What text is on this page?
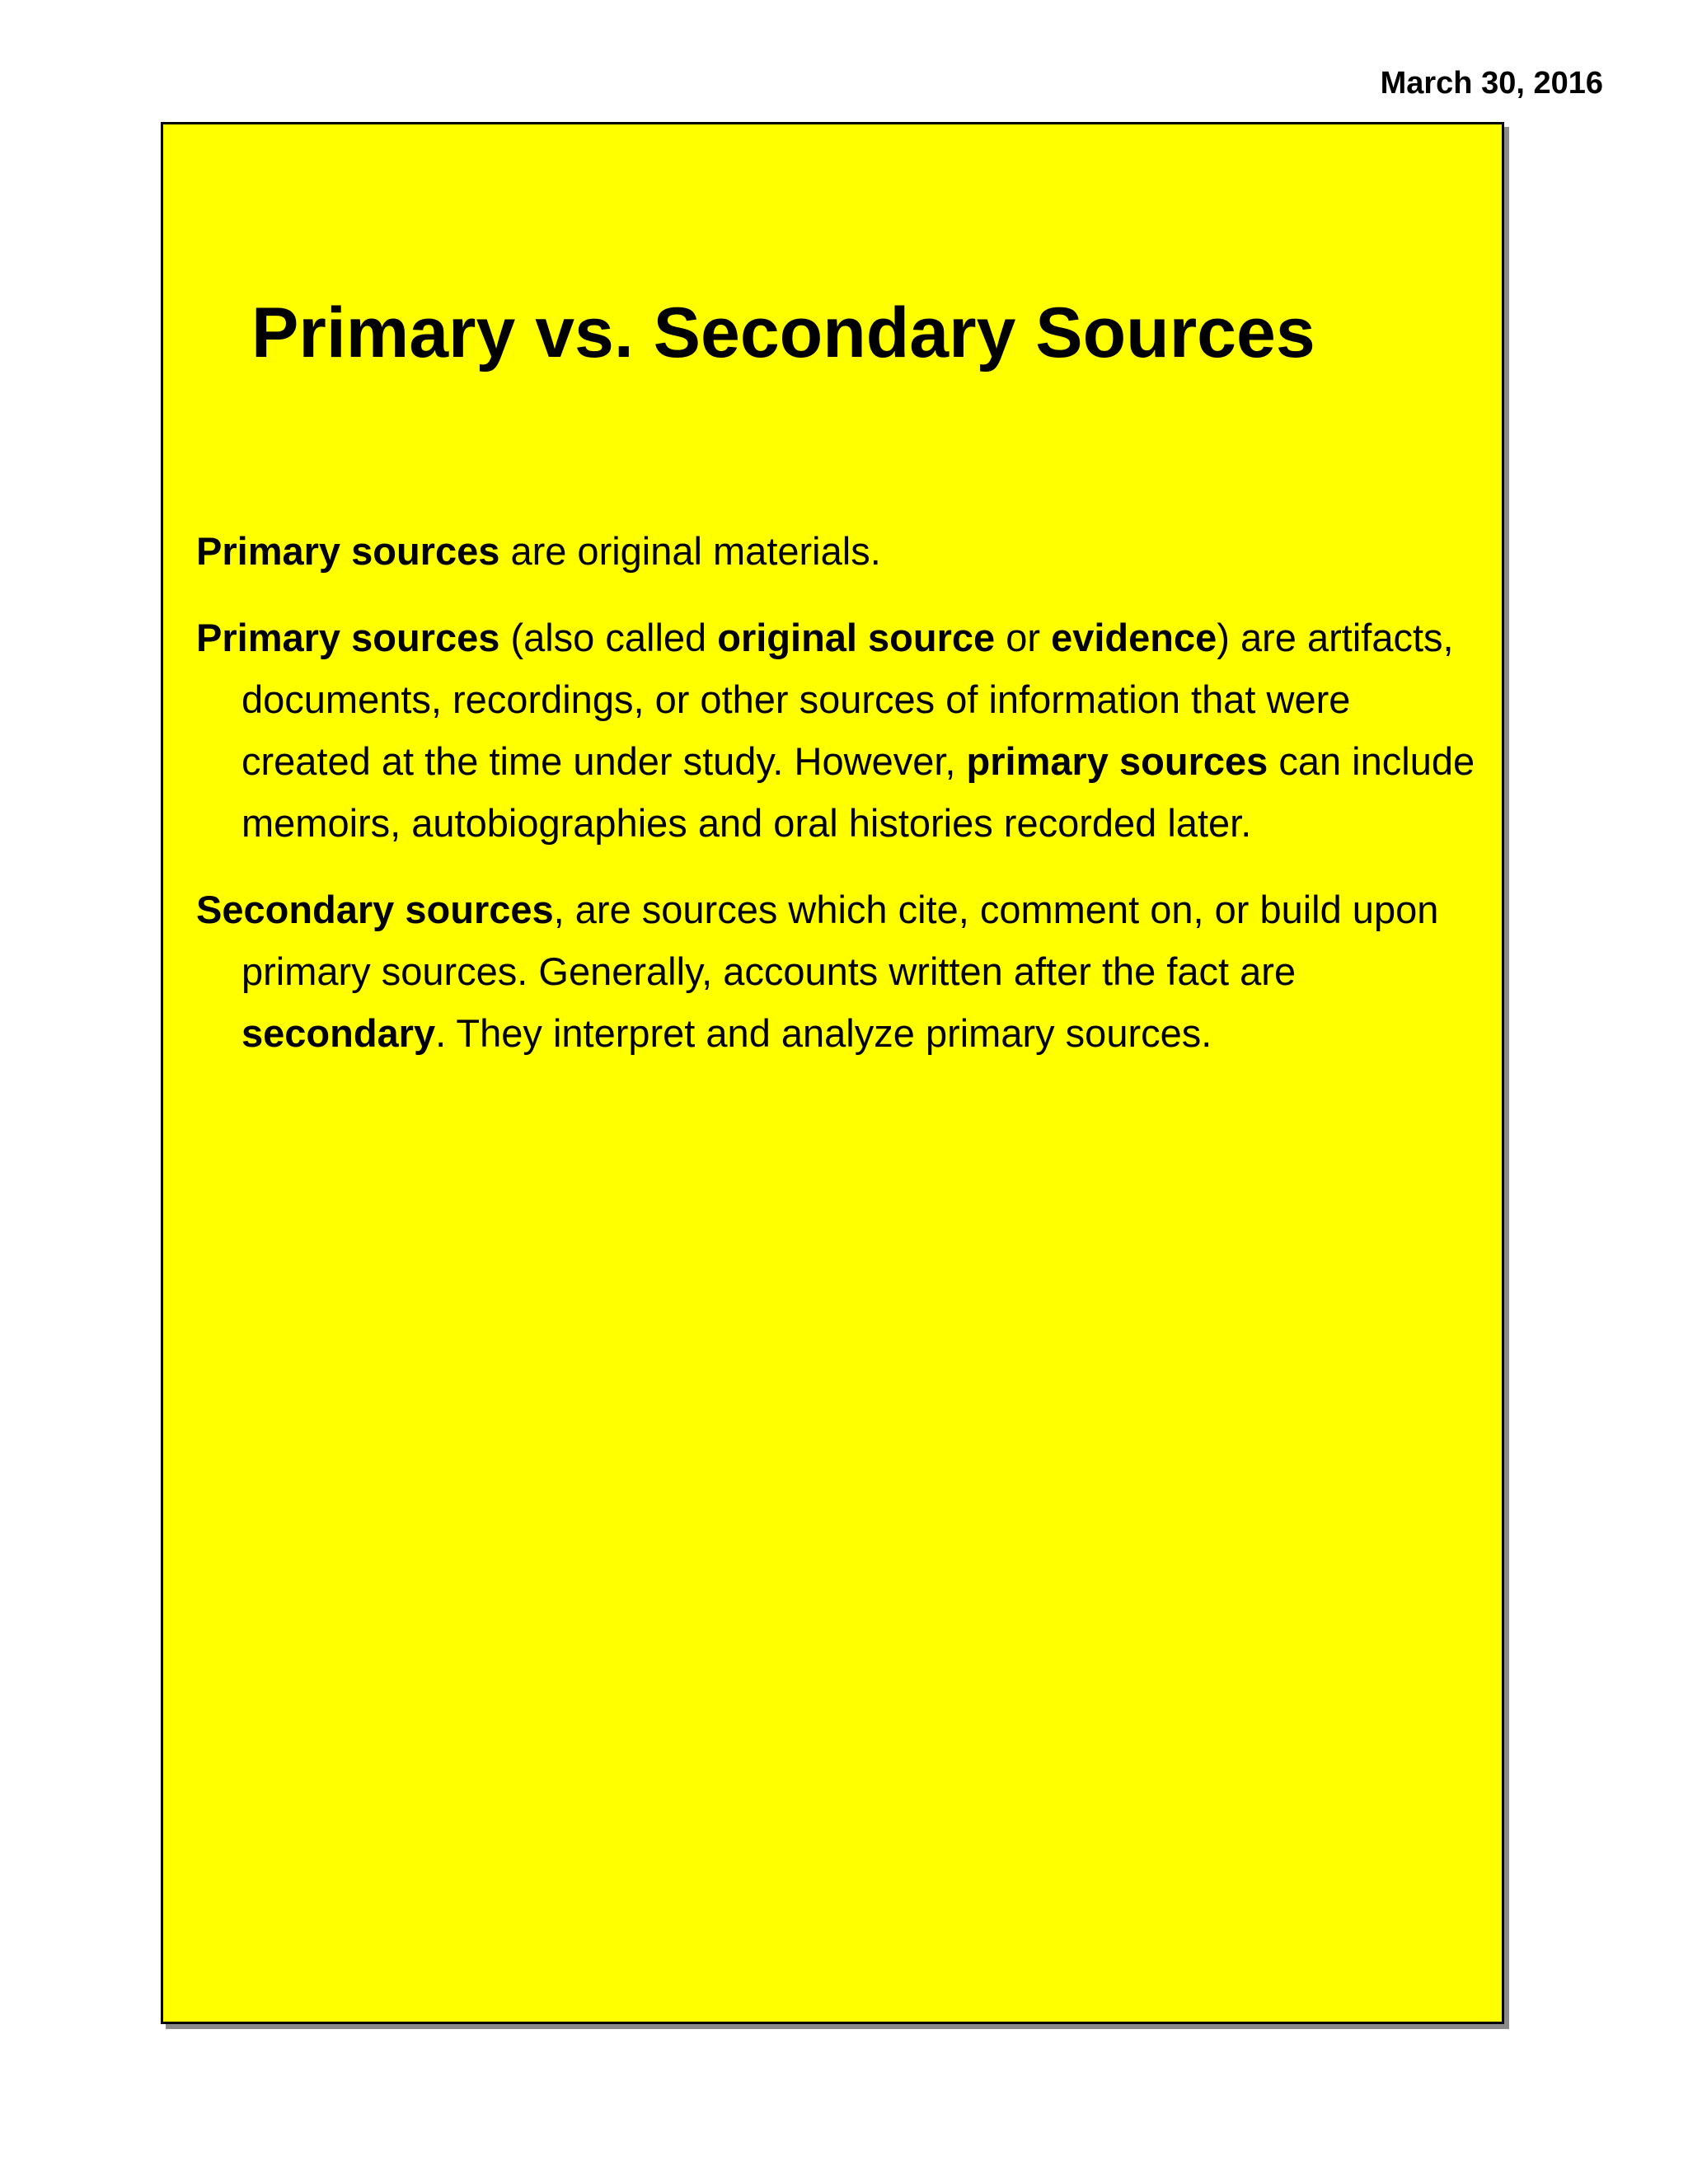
March 30, 2016
Primary vs. Secondary Sources

Primary sources are original materials.

Primary sources (also called original source or evidence) are artifacts, documents, recordings, or other sources of information that were created at the time under study. However, primary sources can include memoirs, autobiographies and oral histories recorded later.

Secondary sources, are sources which cite, comment on, or build upon primary sources. Generally, accounts written after the fact are secondary. They interpret and analyze primary sources.
